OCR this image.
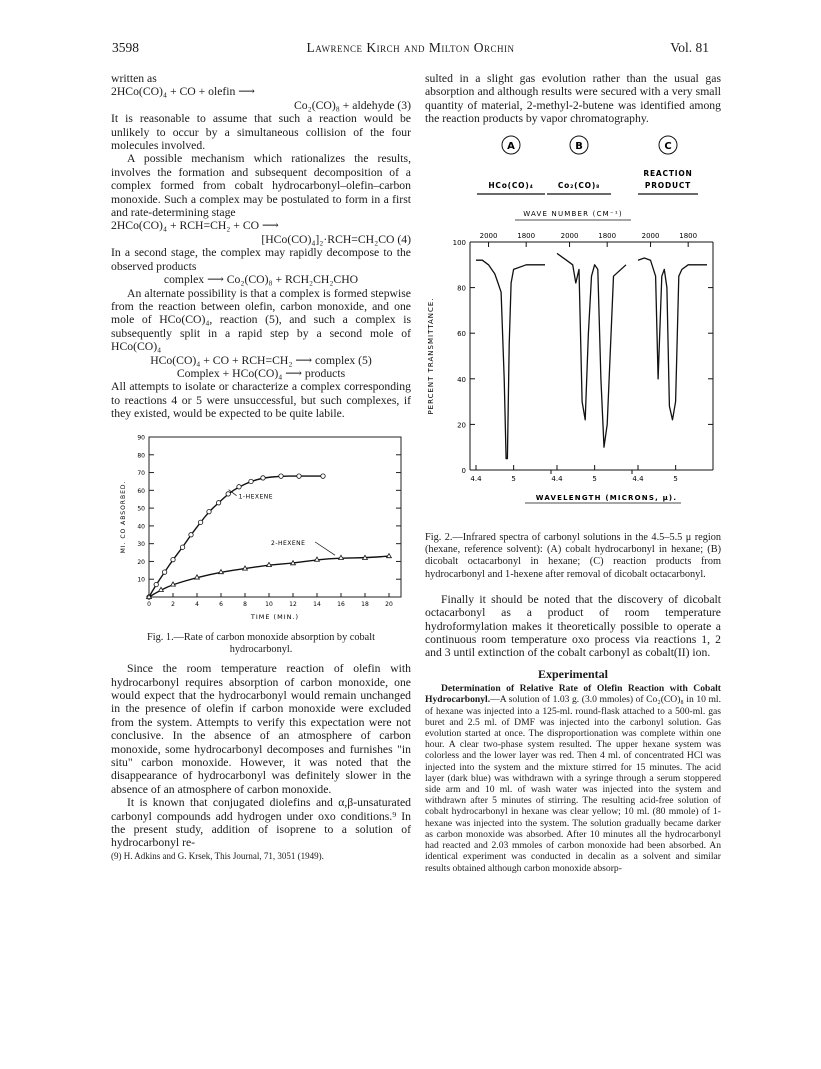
3598	Lawrence Kirch and Milton Orchin	Vol. 81

written as

2HCo(CO)₄ + CO + olefin ⟶

Co₂(CO)₈ + aldehyde (3)

It is reasonable to assume that such a reaction would be unlikely to occur by a simultaneous collision of the four molecules involved.

A possible mechanism which rationalizes the results, involves the formation and subsequent decomposition of a complex formed from cobalt hydrocarbonyl–olefin–carbon monoxide. Such a complex may be postulated to form in a first and rate-determining stage

2HCo(CO)₄ + RCH=CH₂ + CO ⟶

[HCo(CO)₄]₂·RCH=CH₂CO (4)

In a second stage, the complex may rapidly decompose to the observed products

complex ⟶ Co₂(CO)₈ + RCH₂CH₂CHO

An alternate possibility is that a complex is formed stepwise from the reaction between olefin, carbon monoxide, and one mole of HCo(CO)₄, reaction (5), and such a complex is subsequently split in a rapid step by a second mole of HCo(CO)₄

HCo(CO)₄ + CO + RCH=CH₂ ⟶ complex (5)

Complex + HCo(CO)₄ ⟶ products

All attempts to isolate or characterize a complex corresponding to reactions 4 or 5 were unsuccessful, but such complexes, if they existed, would be expected to be quite labile.

10
20
30
40
50
60
70
80
90
0	2	4	6	8	10	12	14	16	18	20
TIME (MIN.)
MI. CO ABSORBED.	1-HEXENE
2-HEXENE

Fig. 1.—Rate of carbon monoxide absorption by cobalt hydrocarbonyl.

Since the room temperature reaction of olefin with hydrocarbonyl requires absorption of carbon monoxide, one would expect that the hydrocarbonyl would remain unchanged in the presence of olefin if carbon monoxide were excluded from the system. Attempts to verify this expectation were not conclusive. In the absence of an atmosphere of carbon monoxide, some hydrocarbonyl decomposes and furnishes "in situ" carbon monoxide. However, it was noted that the disappearance of hydrocarbonyl was definitely slower in the absence of an atmosphere of carbon monoxide.

It is known that conjugated diolefins and α,β-unsaturated carbonyl compounds add hydrogen under oxo conditions.⁹ In the present study, addition of isoprene to a solution of hydrocarbonyl re-

(9) H. Adkins and G. Krsek, This Journal, 71, 3051 (1949).

sulted in a slight gas evolution rather than the usual gas absorption and although results were secured with a very small quantity of material, 2-methyl-2-butene was identified among the reaction products by vapor chromatography.

A	B	C
HCo(CO)₄	Co₂(CO)₈
REACTION
PRODUCT
WAVE NUMBER (CM⁻¹)
0
20
40
60
80
100
PERCENT TRANSMITTANCE.
4.4	5
2000	1800
4.4	5
2000	1800
4.4	5
2000	1800
WAVELENGTH (MICRONS, μ).

Fig. 2.—Infrared spectra of carbonyl solutions in the 4.5–5.5 μ region (hexane, reference solvent): (A) cobalt hydrocarbonyl in hexane; (B) dicobalt octacarbonyl in hexane; (C) reaction products from hydrocarbonyl and 1-hexene after removal of dicobalt octacarbonyl.

Finally it should be noted that the discovery of dicobalt octacarbonyl as a product of room temperature hydroformylation makes it theoretically possible to operate a continuous room temperature oxo process via reactions 1, 2 and 3 until extinction of the cobalt carbonyl as cobalt(II) ion.

Experimental

Determination of Relative Rate of Olefin Reaction with Cobalt Hydrocarbonyl.—A solution of 1.03 g. (3.0 mmoles) of Co₂(CO)₈ in 10 ml. of hexane was injected into a 125-ml. round-flask attached to a 500-ml. gas buret and 2.5 ml. of DMF was injected into the carbonyl solution. Gas evolution started at once. The disproportionation was complete within one hour. A clear two-phase system resulted. The upper hexane system was colorless and the lower layer was red. Then 4 ml. of concentrated HCl was injected into the system and the mixture stirred for 15 minutes. The acid layer (dark blue) was withdrawn with a syringe through a serum stoppered side arm and 10 ml. of wash water was injected into the system and withdrawn after 5 minutes of stirring. The resulting acid-free solution of cobalt hydrocarbonyl in hexane was clear yellow; 10 ml. (80 mmole) of 1-hexane was injected into the system. The solution gradually became darker as carbon monoxide was absorbed. After 10 minutes all the hydrocarbonyl had reacted and 2.03 mmoles of carbon monoxide had been absorbed. An identical experiment was conducted in decalin as a solvent and similar results obtained although carbon monoxide absorp-
